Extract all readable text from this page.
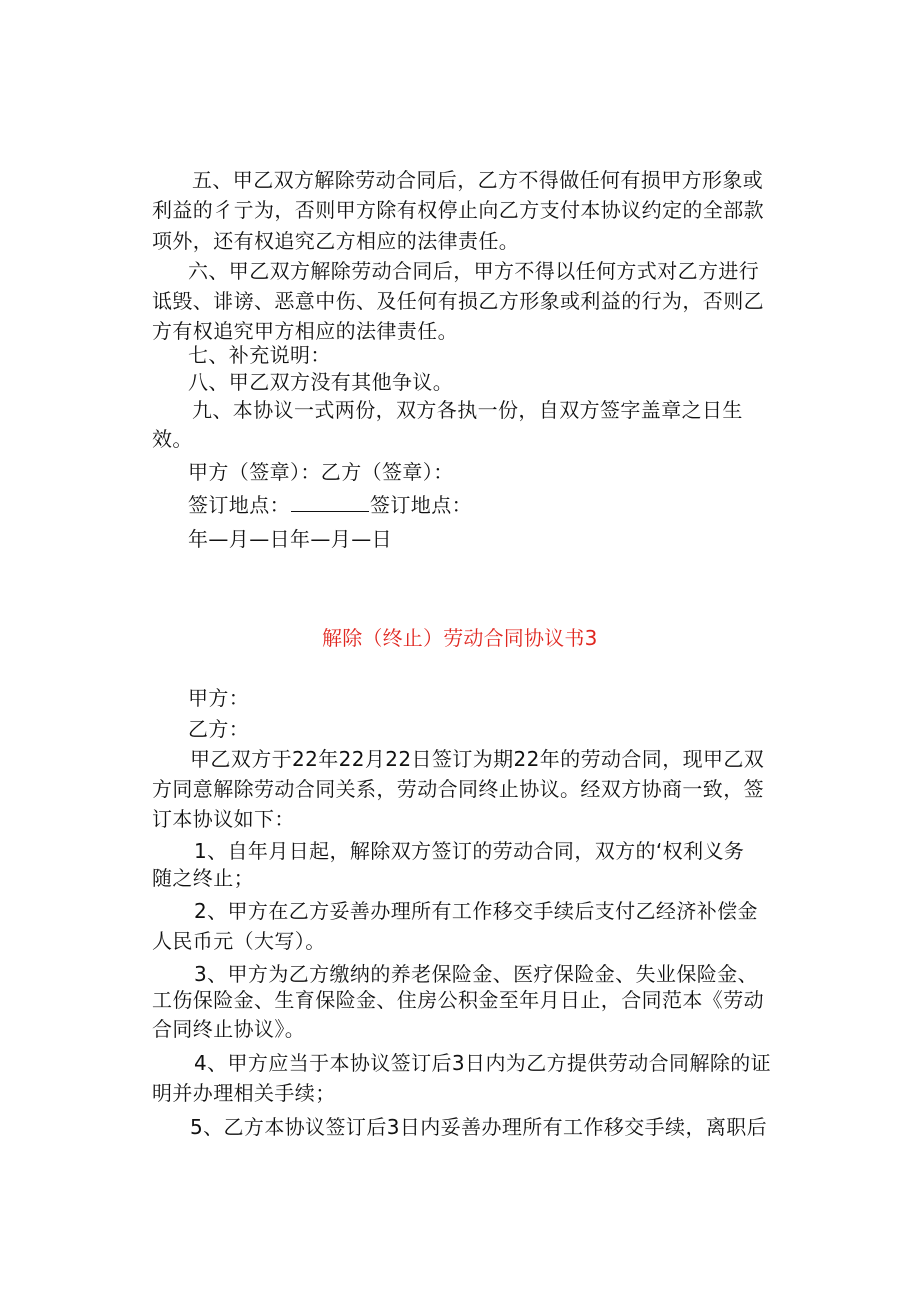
五、甲乙双方解除劳动合同后，乙方不得做任何有损甲方形象或
利益的彳亍为，否则甲方除有权停止向乙方支付本协议约定的全部款
项外，还有权追究乙方相应的法律责任。
六、甲乙双方解除劳动合同后，甲方不得以任何方式对乙方进行
诋毁、诽谤、恶意中伤、及任何有损乙方形象或利益的行为，否则乙
方有权追究甲方相应的法律责任。
七、补充说明：
八、甲乙双方没有其他争议。
九、本协议一式两份，双方各执一份，自双方签字盖章之日生
效。
甲方（签章）：乙方（签章）：
签订地点：	签订地点：
年—月—日年—月—日
解除（终止）劳动合同协议书3
甲方：
乙方：
甲乙双方于22年22月22日签订为期22年的劳动合同，现甲乙双
方同意解除劳动合同关系，劳动合同终止协议。经双方协商一致，签
订本协议如下：
1、自年月日起，解除双方签订的劳动合同，双方的‘权利义务
随之终止；
2、甲方在乙方妥善办理所有工作移交手续后支付乙经济补偿金
人民币元（大写）。
3、甲方为乙方缴纳的养老保险金、医疗保险金、失业保险金、
工伤保险金、生育保险金、住房公积金至年月日止，合同范本《劳动
合同终止协议》。
4、甲方应当于本协议签订后3日内为乙方提供劳动合同解除的证
明并办理相关手续；
5、乙方本协议签订后3日内妥善办理所有工作移交手续，离职后
